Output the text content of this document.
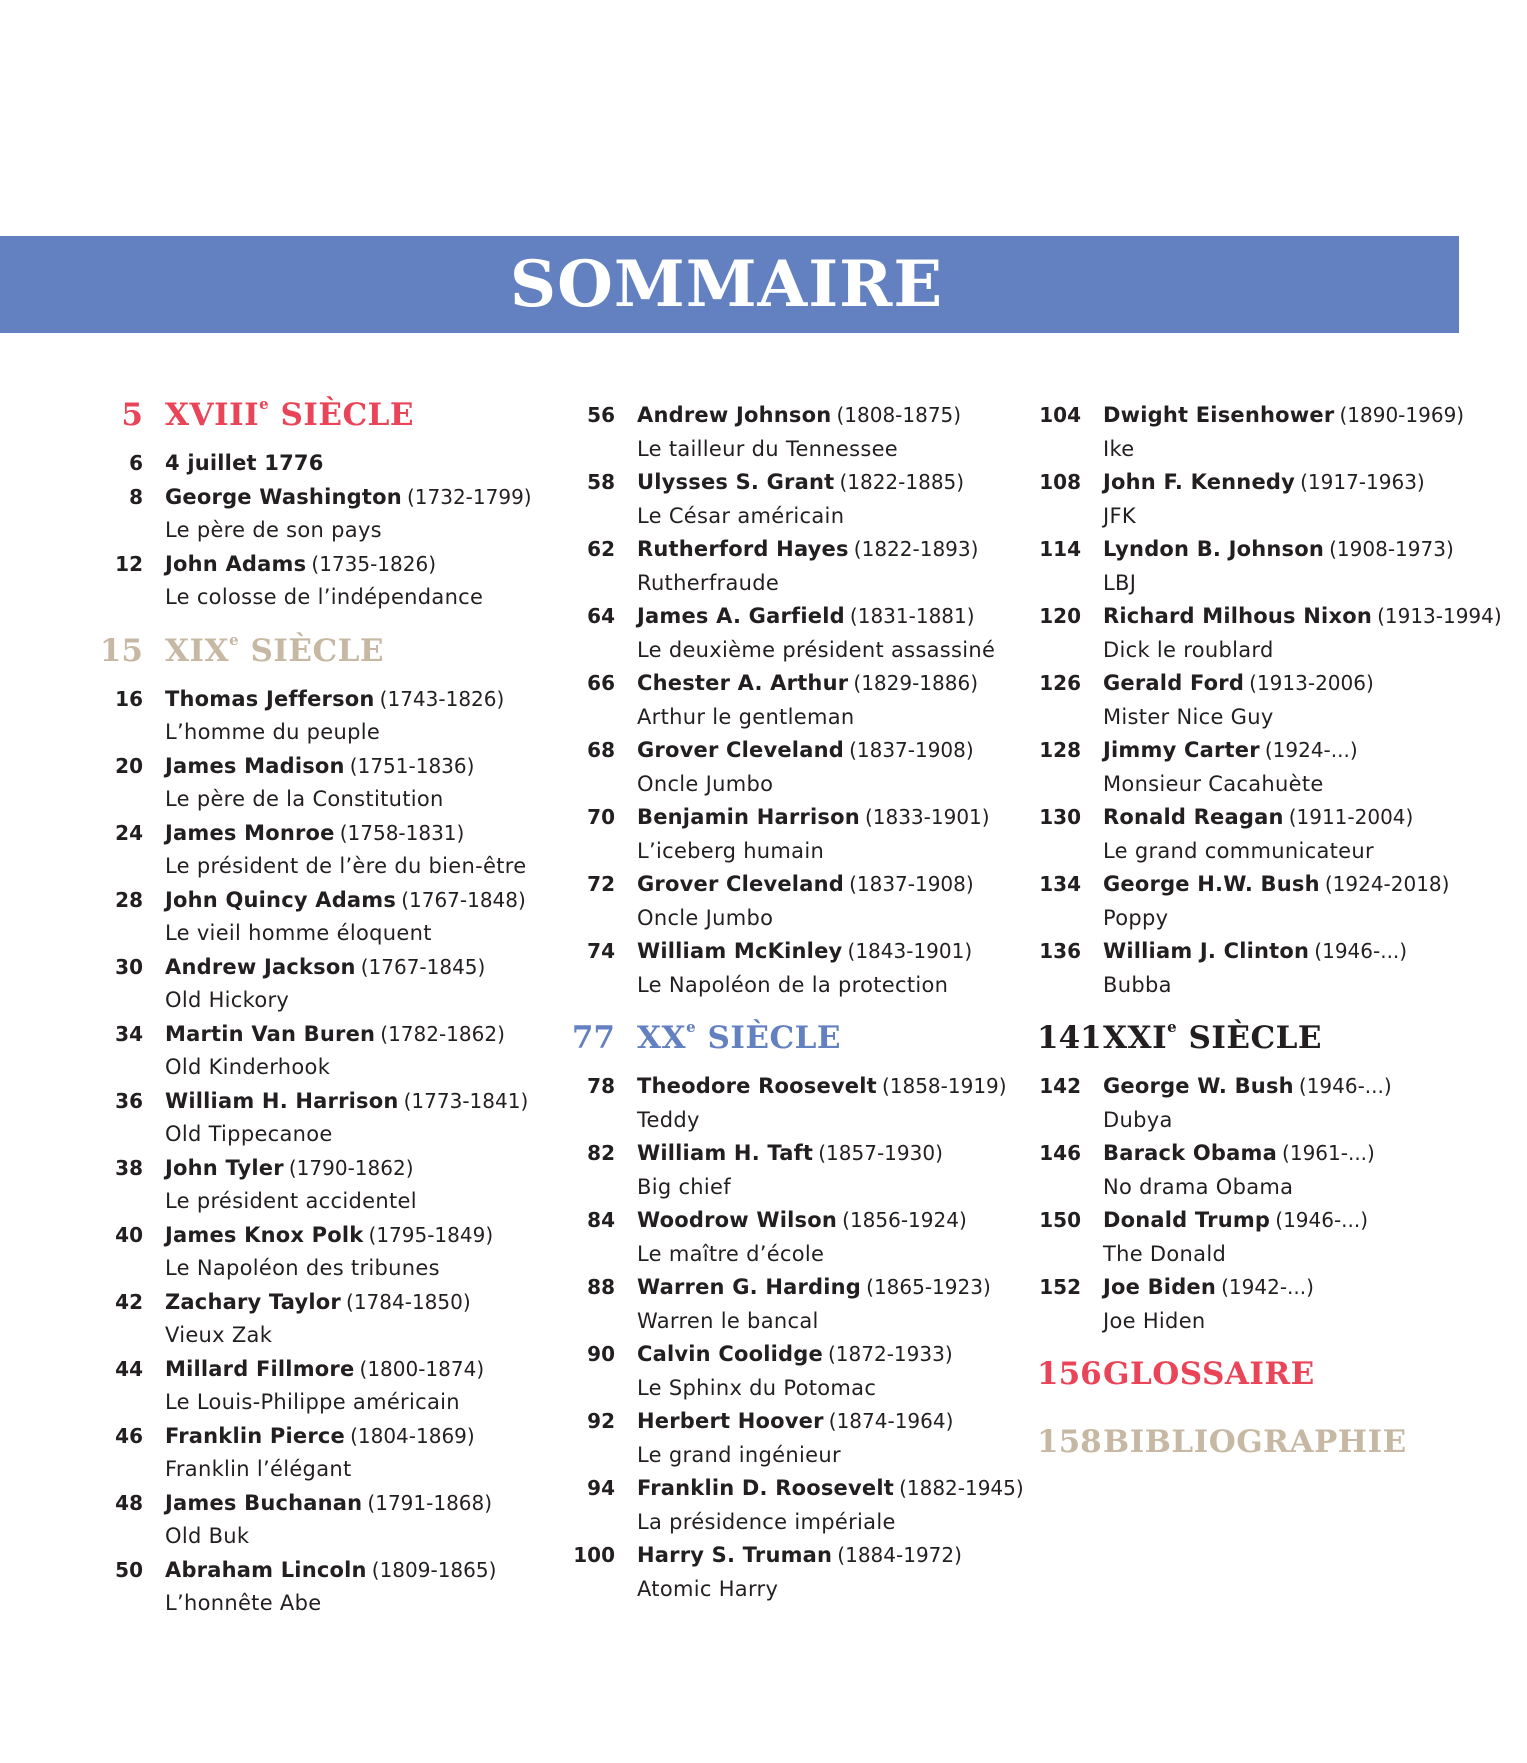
SOMMAIRE
5 XVIIIe SIÈCLE
6 4 juillet 1776
8 George Washington (1732-1799)
Le père de son pays
12 John Adams (1735-1826)
Le colosse de l’indépendance
15 XIXe SIÈCLE
16 Thomas Jefferson (1743-1826)
L’homme du peuple
20 James Madison (1751-1836)
Le père de la Constitution
24 James Monroe (1758-1831)
Le président de l’ère du bien-être
28 John Quincy Adams (1767-1848)
Le vieil homme éloquent
30 Andrew Jackson (1767-1845)
Old Hickory
34 Martin Van Buren (1782-1862)
Old Kinderhook
36 William H. Harrison (1773-1841)
Old Tippecanoe
38 John Tyler (1790-1862)
Le président accidentel
40 James Knox Polk (1795-1849)
Le Napoléon des tribunes
42 Zachary Taylor (1784-1850)
Vieux Zak
44 Millard Fillmore (1800-1874)
Le Louis-Philippe américain
46 Franklin Pierce (1804-1869)
Franklin l’élégant
48 James Buchanan (1791-1868)
Old Buk
50 Abraham Lincoln (1809-1865)
L’honnête Abe
56 Andrew Johnson (1808-1875)
Le tailleur du Tennessee
58 Ulysses S. Grant (1822-1885)
Le César américain
62 Rutherford Hayes (1822-1893)
Rutherfraude
64 James A. Garfield (1831-1881)
Le deuxième président assassiné
66 Chester A. Arthur (1829-1886)
Arthur le gentleman
68 Grover Cleveland (1837-1908)
Oncle Jumbo
70 Benjamin Harrison (1833-1901)
L’iceberg humain
72 Grover Cleveland (1837-1908)
Oncle Jumbo
74 William McKinley (1843-1901)
Le Napoléon de la protection
77 XXe SIÈCLE
78 Theodore Roosevelt (1858-1919)
Teddy
82 William H. Taft (1857-1930)
Big chief
84 Woodrow Wilson (1856-1924)
Le maître d’école
88 Warren G. Harding (1865-1923)
Warren le bancal
90 Calvin Coolidge (1872-1933)
Le Sphinx du Potomac
92 Herbert Hoover (1874-1964)
Le grand ingénieur
94 Franklin D. Roosevelt (1882-1945)
La présidence impériale
100 Harry S. Truman (1884-1972)
Atomic Harry
104 Dwight Eisenhower (1890-1969)
Ike
108 John F. Kennedy (1917-1963)
JFK
114 Lyndon B. Johnson (1908-1973)
LBJ
120 Richard Milhous Nixon (1913-1994)
Dick le roublard
126 Gerald Ford (1913-2006)
Mister Nice Guy
128 Jimmy Carter (1924-...)
Monsieur Cacahuète
130 Ronald Reagan (1911-2004)
Le grand communicateur
134 George H.W. Bush (1924-2018)
Poppy
136 William J. Clinton (1946-...)
Bubba
141 XXIe SIÈCLE
142 George W. Bush (1946-...)
Dubya
146 Barack Obama (1961-...)
No drama Obama
150 Donald Trump (1946-...)
The Donald
152 Joe Biden (1942-...)
Joe Hiden
156 GLOSSAIRE
158 BIBLIOGRAPHIE
